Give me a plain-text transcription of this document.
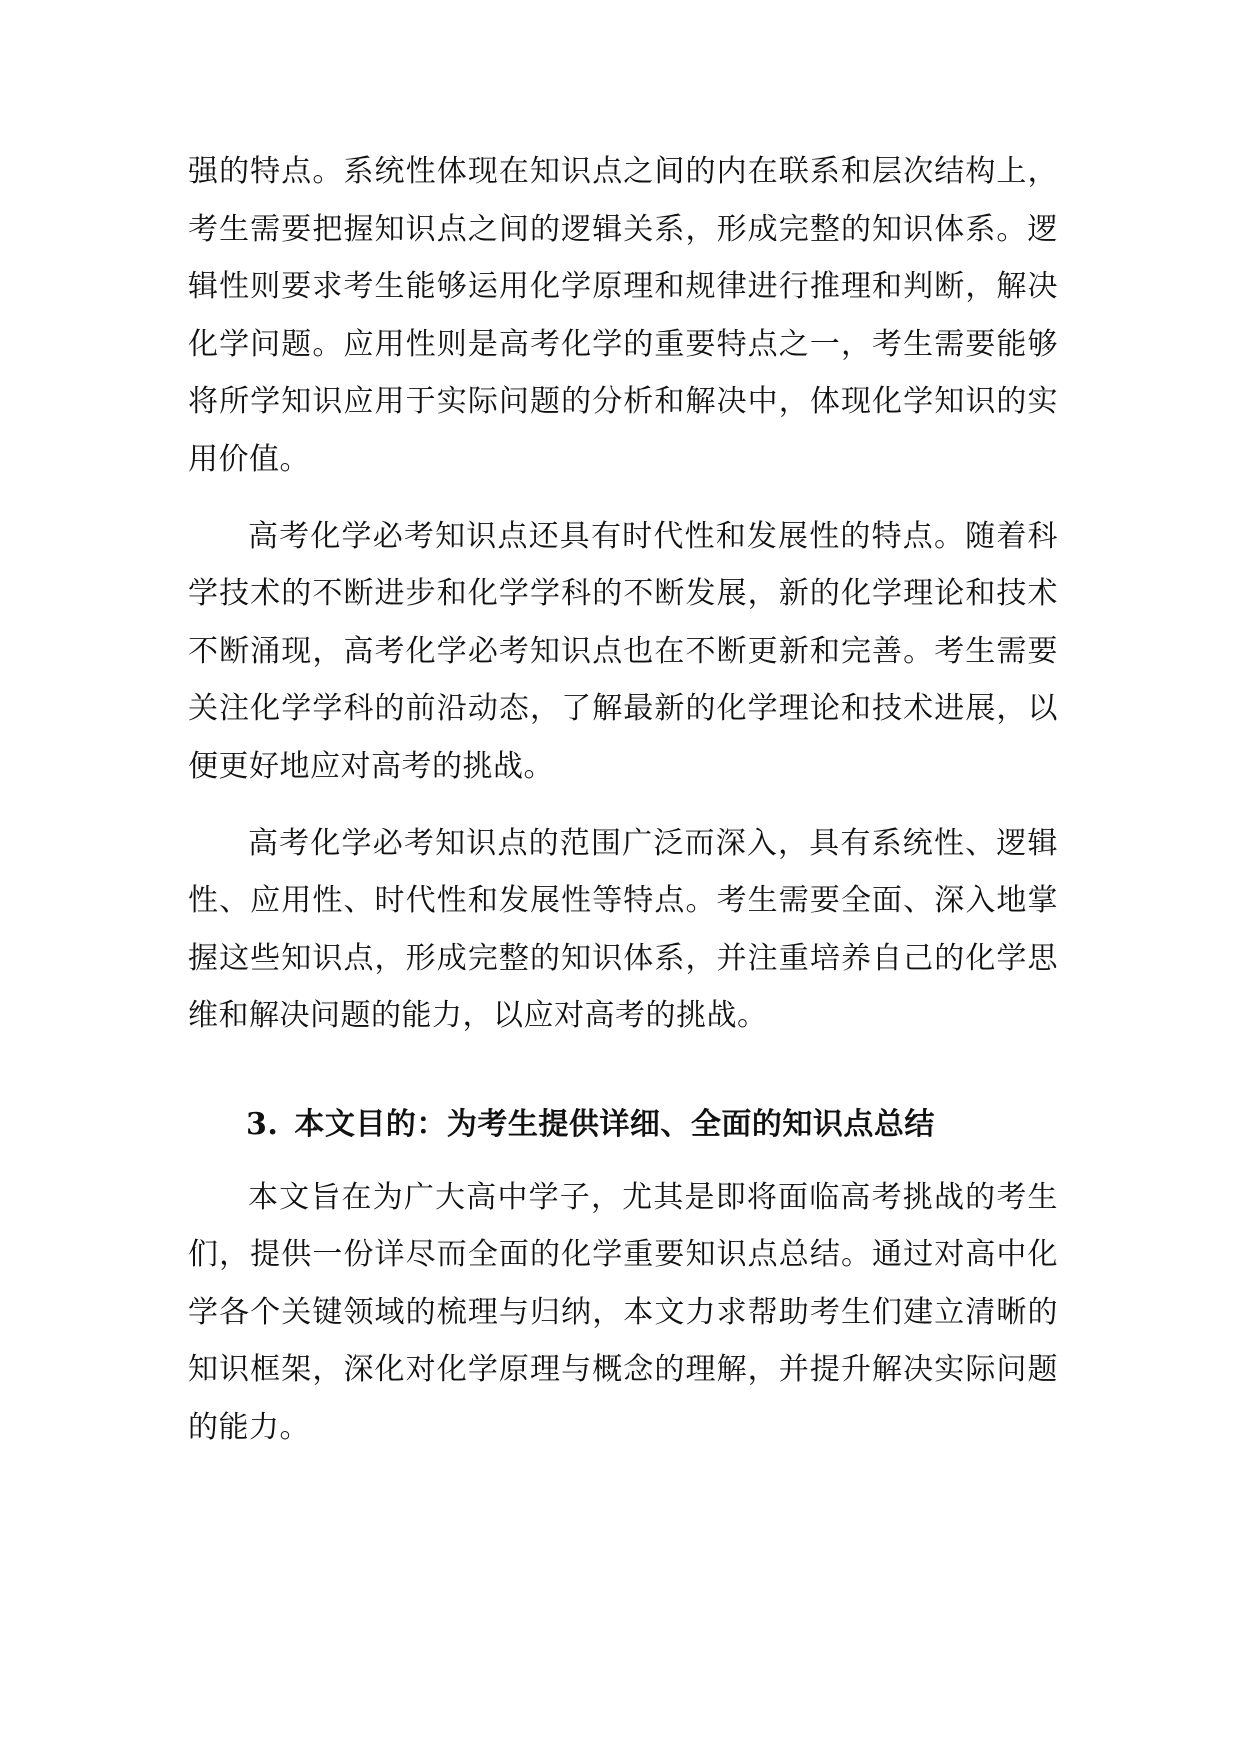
强的特点。系统性体现在知识点之间的内在联系和层次结构上，考生需要把握知识点之间的逻辑关系，形成完整的知识体系。逻辑性则要求考生能够运用化学原理和规律进行推理和判断，解决化学问题。应用性则是高考化学的重要特点之一，考生需要能够将所学知识应用于实际问题的分析和解决中，体现化学知识的实用价值。

高考化学必考知识点还具有时代性和发展性的特点。随着科学技术的不断进步和化学学科的不断发展，新的化学理论和技术不断涌现，高考化学必考知识点也在不断更新和完善。考生需要关注化学学科的前沿动态，了解最新的化学理论和技术进展，以便更好地应对高考的挑战。

高考化学必考知识点的范围广泛而深入，具有系统性、逻辑性、应用性、时代性和发展性等特点。考生需要全面、深入地掌握这些知识点，形成完整的知识体系，并注重培养自己的化学思维和解决问题的能力，以应对高考的挑战。

3. 本文目的：为考生提供详细、全面的知识点总结

本文旨在为广大高中学子，尤其是即将面临高考挑战的考生们，提供一份详尽而全面的化学重要知识点总结。通过对高中化学各个关键领域的梳理与归纳，本文力求帮助考生们建立清晰的知识框架，深化对化学原理与概念的理解，并提升解决实际问题的能力。
